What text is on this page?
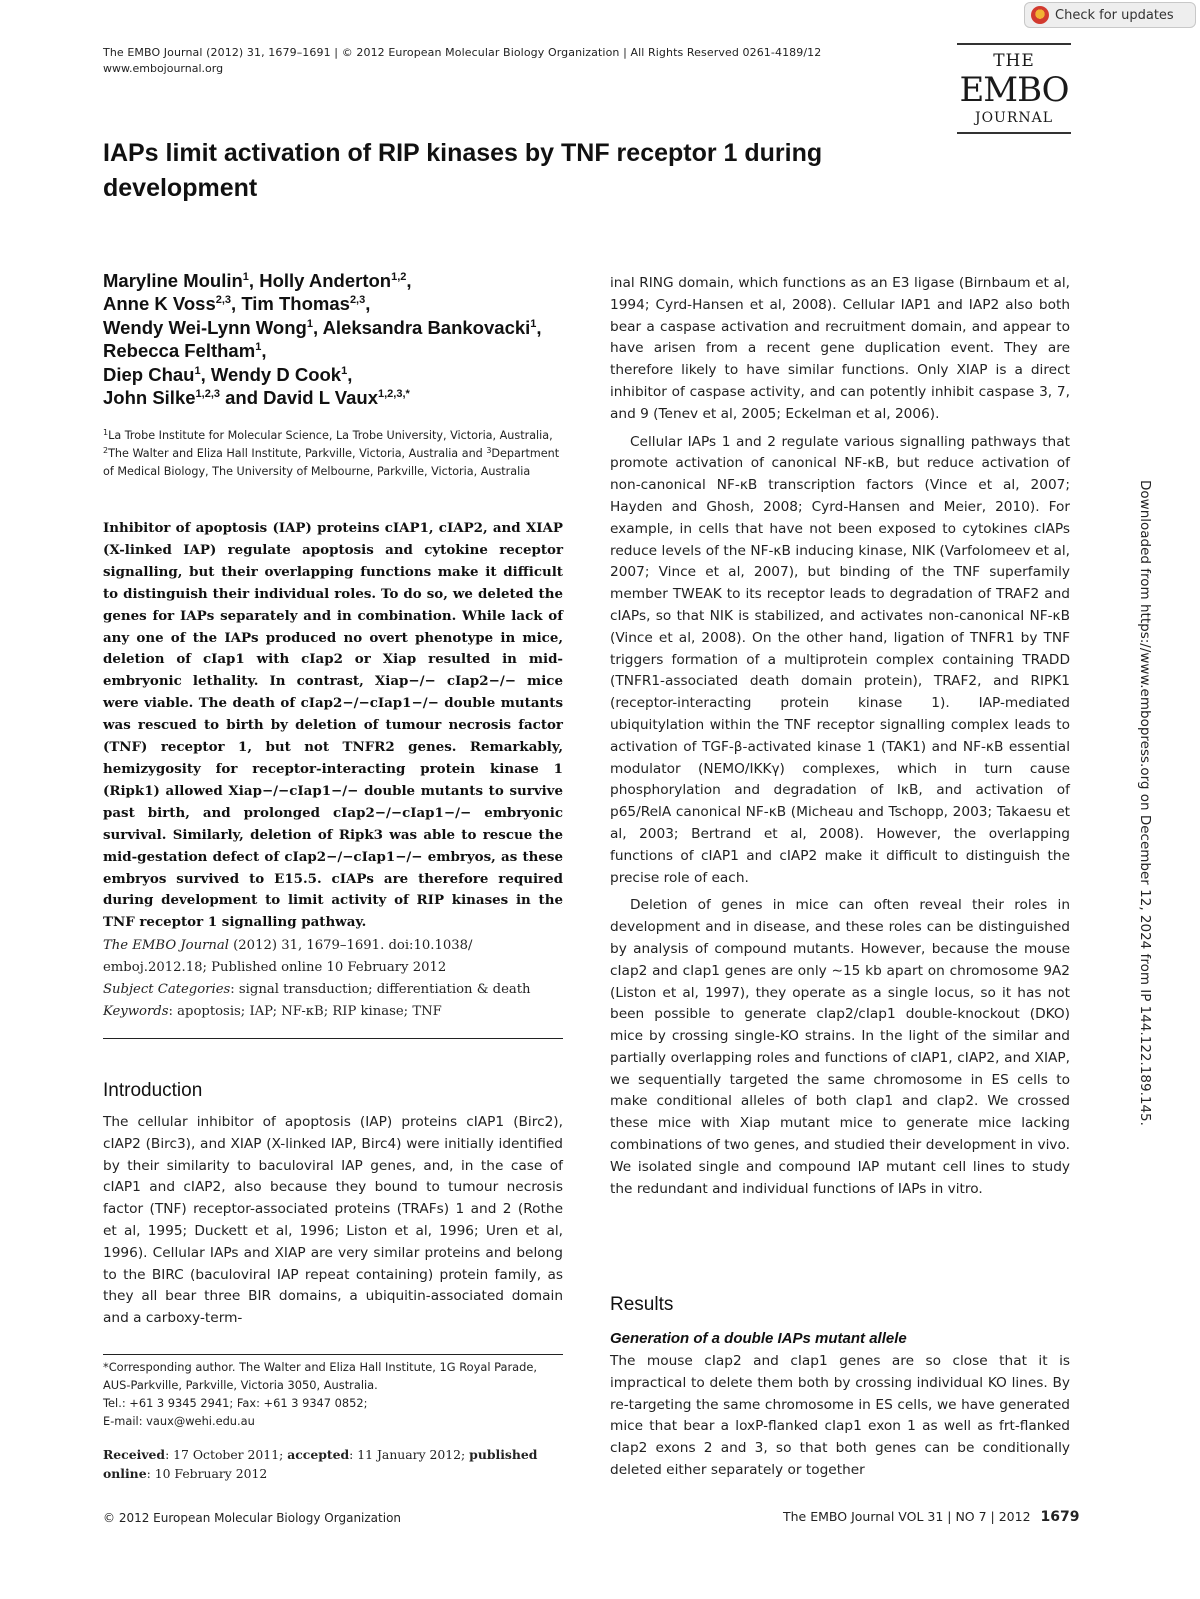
Check for updates
The EMBO Journal (2012) 31, 1679–1691 | © 2012 European Molecular Biology Organization | All Rights Reserved 0261-4189/12
www.embojournal.org	THE
EMBO
JOURNAL
IAPs limit activation of RIP kinases by TNF receptor 1 during development
Maryline Moulin$^1$, Holly Anderton$^{1,2}$,
Anne K Voss$^{2,3}$, Tim Thomas$^{2,3}$,
Wendy Wei-Lynn Wong$^1$, Aleksandra Bankovacki$^1$, Rebecca Feltham$^1$,
Diep Chau$^1$, Wendy D Cook$^1$,
John Silke$^{1,2,3}$ and David L Vaux$^{1,2,3,*}$
$^1$La Trobe Institute for Molecular Science, La Trobe University, Victoria, Australia, $^2$The Walter and Eliza Hall Institute, Parkville, Victoria, Australia and $^3$Department of Medical Biology, The University of Melbourne, Parkville, Victoria, Australia
Inhibitor of apoptosis (IAP) proteins cIAP1, cIAP2, and XIAP (X-linked IAP) regulate apoptosis and cytokine receptor signalling, but their overlapping functions make it difficult to distinguish their individual roles. To do so, we deleted the genes for IAPs separately and in combination. While lack of any one of the IAPs produced no overt phenotype in mice, deletion of cIap1 with cIap2 or Xiap resulted in mid-embryonic lethality. In contrast, Xiap−/− cIap2−/− mice were viable. The death of cIap2−/−cIap1−/− double mutants was rescued to birth by deletion of tumour necrosis factor (TNF) receptor 1, but not TNFR2 genes. Remarkably, hemizygosity for receptor-interacting protein kinase 1 (Ripk1) allowed Xiap−/−cIap1−/− double mutants to survive past birth, and prolonged cIap2−/−cIap1−/− embryonic survival. Similarly, deletion of Ripk3 was able to rescue the mid-gestation defect of cIap2−/−cIap1−/− embryos, as these embryos survived to E15.5. cIAPs are therefore required during development to limit activity of RIP kinases in the TNF receptor 1 signalling pathway.
The EMBO Journal (2012) 31, 1679–1691. doi:10.1038/ emboj.2012.18; Published online 10 February 2012
Subject Categories: signal transduction; differentiation & death
Keywords: apoptosis; IAP; NF-κB; RIP kinase; TNF
Introduction

The cellular inhibitor of apoptosis (IAP) proteins cIAP1 (Birc2), cIAP2 (Birc3), and XIAP (X-linked IAP, Birc4) were initially identified by their similarity to baculoviral IAP genes, and, in the case of cIAP1 and cIAP2, also because they bound to tumour necrosis factor (TNF) receptor-associated proteins (TRAFs) 1 and 2 (Rothe et al, 1995; Duckett et al, 1996; Liston et al, 1996; Uren et al, 1996). Cellular IAPs and XIAP are very similar proteins and belong to the BIRC (baculoviral IAP repeat containing) protein family, as they all bear three BIR domains, a ubiquitin-associated domain and a carboxy-term-

*Corresponding author. The Walter and Eliza Hall Institute, 1G Royal Parade, AUS-Parkville, Parkville, Victoria 3050, Australia.
Tel.: +61 3 9345 2941; Fax: +61 3 9347 0852;
E-mail: vaux@wehi.edu.au
Received: 17 October 2011; accepted: 11 January 2012; published online: 10 February 2012

inal RING domain, which functions as an E3 ligase (Birnbaum et al, 1994; Cyrd-Hansen et al, 2008). Cellular IAP1 and IAP2 also both bear a caspase activation and recruitment domain, and appear to have arisen from a recent gene duplication event. They are therefore likely to have similar functions. Only XIAP is a direct inhibitor of caspase activity, and can potently inhibit caspase 3, 7, and 9 (Tenev et al, 2005; Eckelman et al, 2006).

Cellular IAPs 1 and 2 regulate various signalling pathways that promote activation of canonical NF-κB, but reduce activation of non-canonical NF-κB transcription factors (Vince et al, 2007; Hayden and Ghosh, 2008; Cyrd-Hansen and Meier, 2010). For example, in cells that have not been exposed to cytokines cIAPs reduce levels of the NF-κB inducing kinase, NIK (Varfolomeev et al, 2007; Vince et al, 2007), but binding of the TNF superfamily member TWEAK to its receptor leads to degradation of TRAF2 and cIAPs, so that NIK is stabilized, and activates non-canonical NF-κB (Vince et al, 2008). On the other hand, ligation of TNFR1 by TNF triggers formation of a multiprotein complex containing TRADD (TNFR1-associated death domain protein), TRAF2, and RIPK1 (receptor-interacting protein kinase 1). IAP-mediated ubiquitylation within the TNF receptor signalling complex leads to activation of TGF-β-activated kinase 1 (TAK1) and NF-κB essential modulator (NEMO/IKKγ) complexes, which in turn cause phosphorylation and degradation of IκB, and activation of p65/RelA canonical NF-κB (Micheau and Tschopp, 2003; Takaesu et al, 2003; Bertrand et al, 2008). However, the overlapping functions of cIAP1 and cIAP2 make it difficult to distinguish the precise role of each.

Deletion of genes in mice can often reveal their roles in development and in disease, and these roles can be distinguished by analysis of compound mutants. However, because the mouse cIap2 and cIap1 genes are only ∼15 kb apart on chromosome 9A2 (Liston et al, 1997), they operate as a single locus, so it has not been possible to generate cIap2/cIap1 double-knockout (DKO) mice by crossing single-KO strains. In the light of the similar and partially overlapping roles and functions of cIAP1, cIAP2, and XIAP, we sequentially targeted the same chromosome in ES cells to make conditional alleles of both cIap1 and cIap2. We crossed these mice with Xiap mutant mice to generate mice lacking combinations of two genes, and studied their development in vivo. We isolated single and compound IAP mutant cell lines to study the redundant and individual functions of IAPs in vitro.

Results
Generation of a double IAPs mutant allele

The mouse cIap2 and cIap1 genes are so close that it is impractical to delete them both by crossing individual KO lines. By re-targeting the same chromosome in ES cells, we have generated mice that bear a loxP-flanked cIap1 exon 1 as well as frt-flanked cIap2 exons 2 and 3, so that both genes can be conditionally deleted either separately or together

Downloaded from https://www.embopress.org on December 12, 2024 from IP 144.122.189.145.
© 2012 European Molecular Biology Organization	The EMBO Journal VOL 31 | NO 7 | 2012 1679
